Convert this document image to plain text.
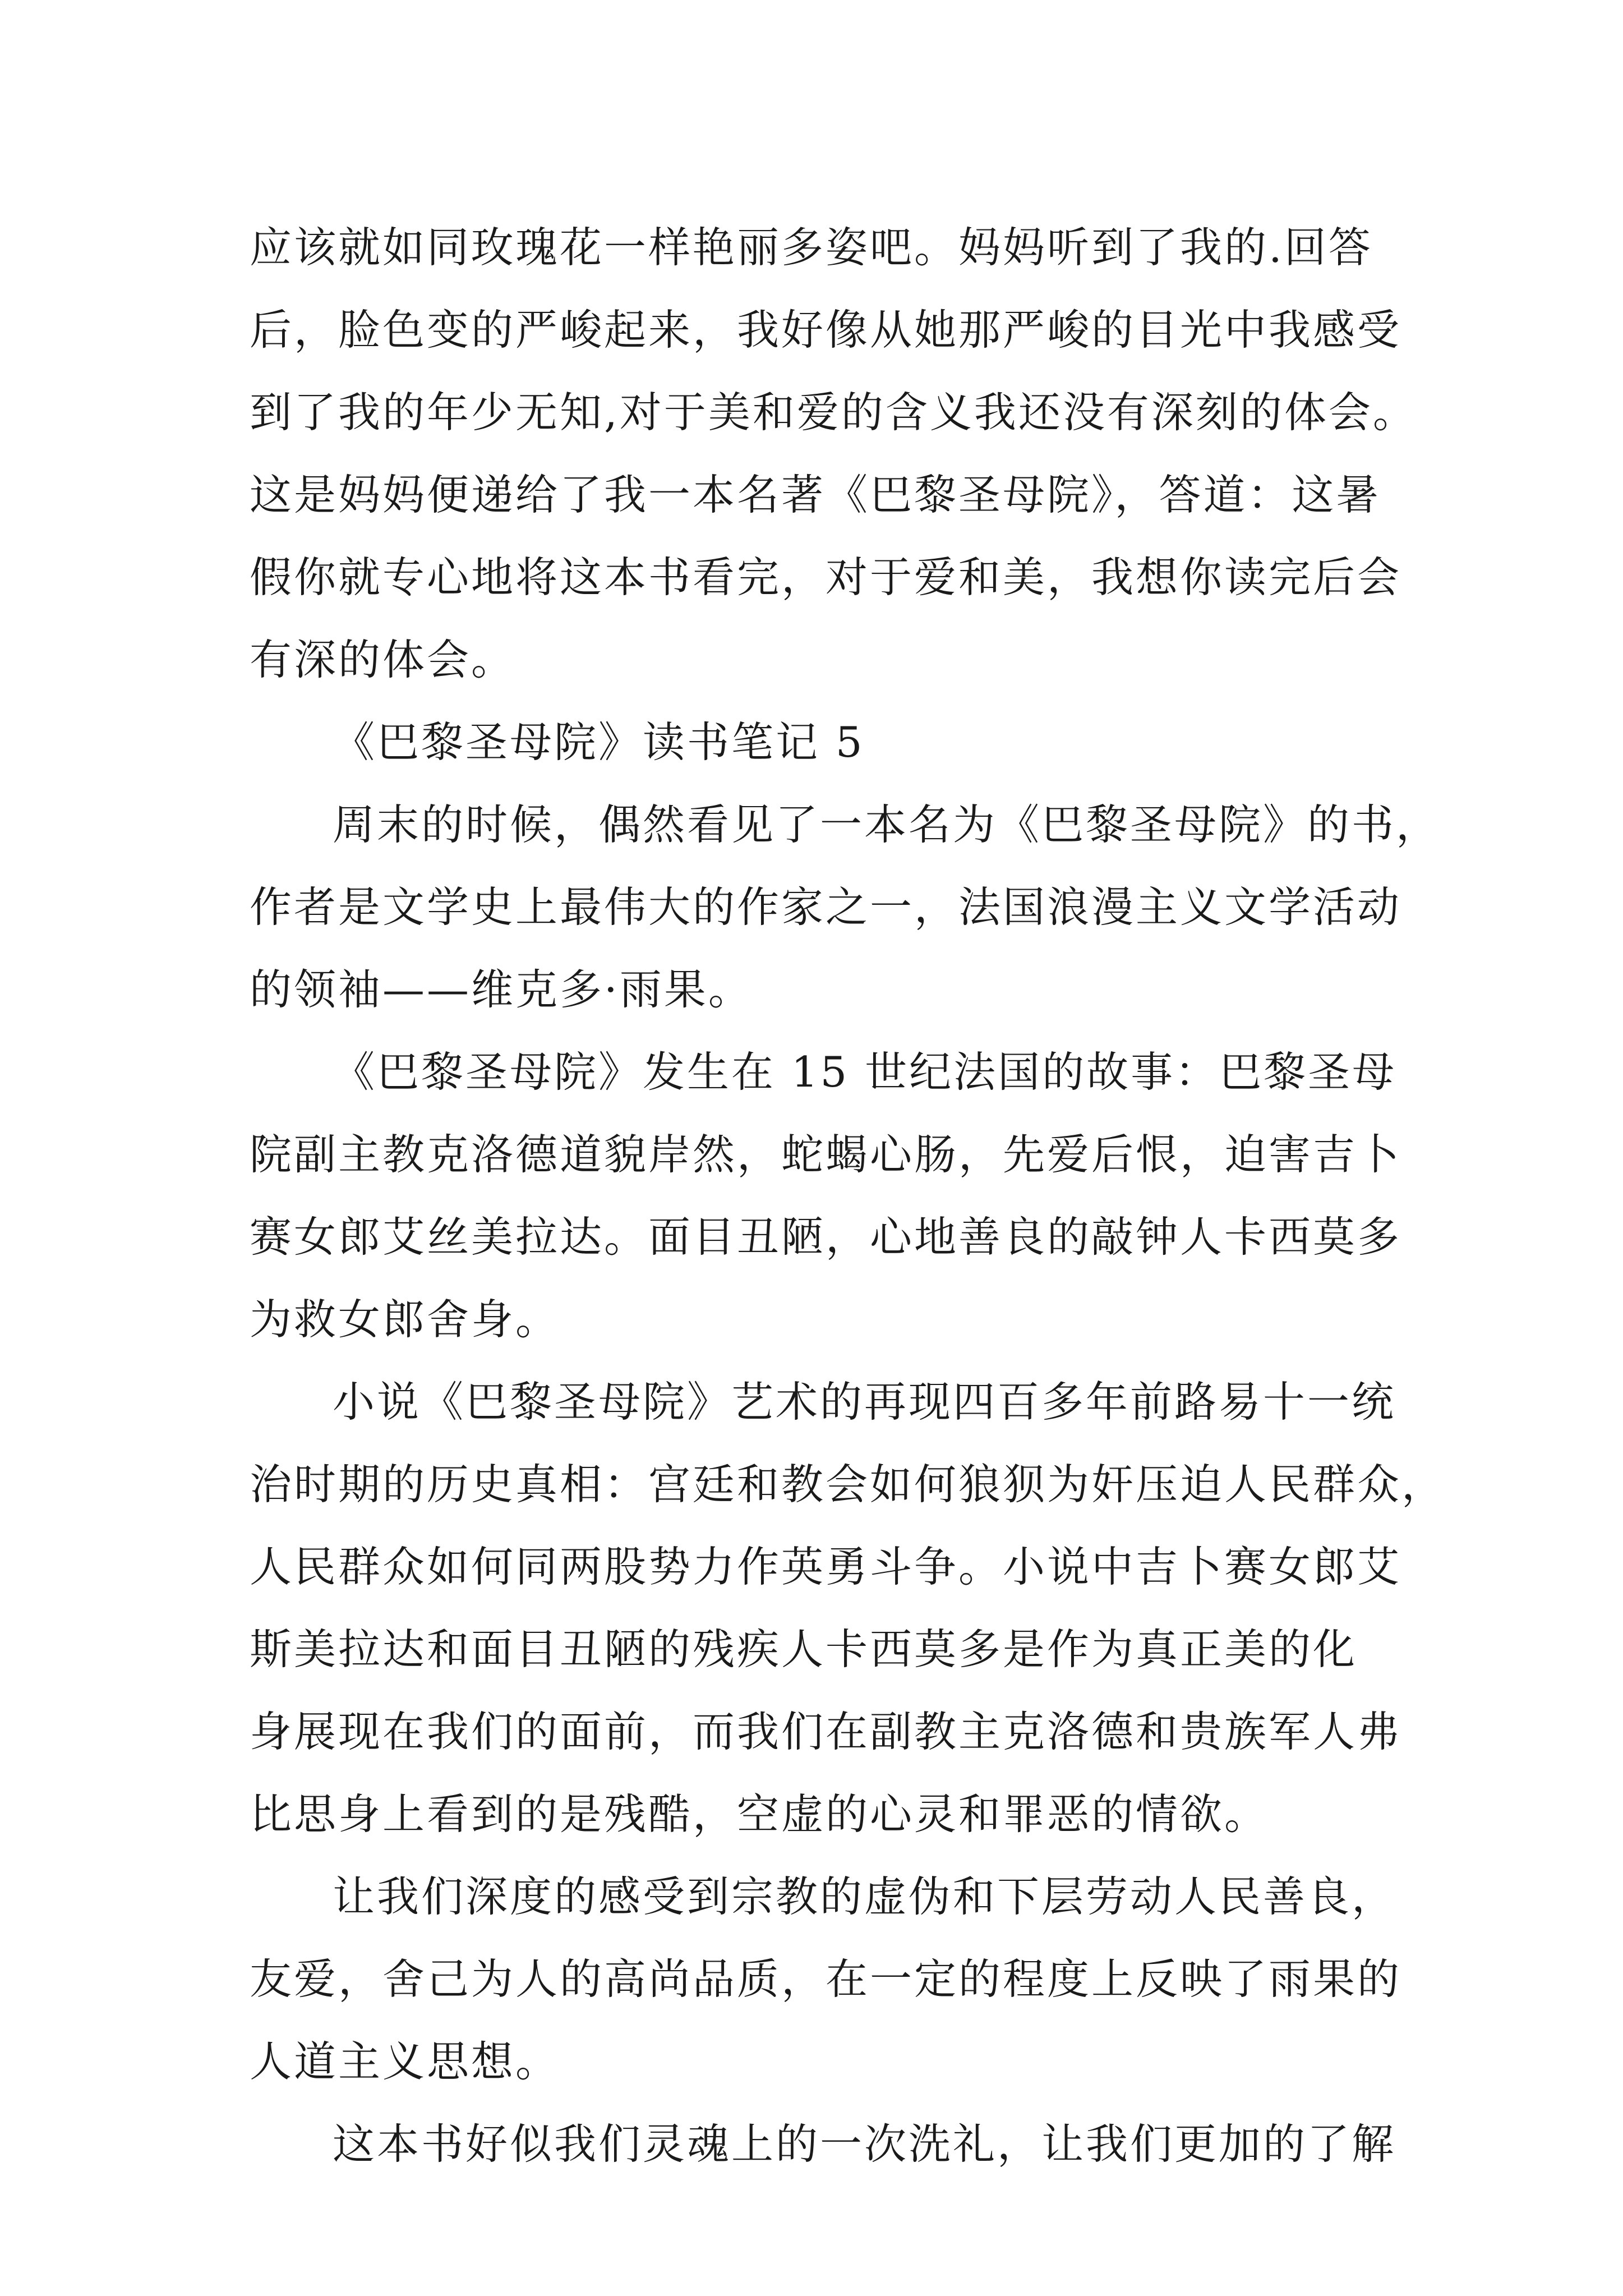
应该就如同玫瑰花一样艳丽多姿吧。妈妈听到了我的.回答
后，脸色变的严峻起来，我好像从她那严峻的目光中我感受
到了我的年少无知,对于美和爱的含义我还没有深刻的体会。
这是妈妈便递给了我一本名著《巴黎圣母院》，答道：这暑
假你就专心地将这本书看完，对于爱和美，我想你读完后会
有深的体会。
《巴黎圣母院》读书笔记 5
周末的时候，偶然看见了一本名为《巴黎圣母院》的书，
作者是文学史上最伟大的作家之一，法国浪漫主义文学活动
的领袖——维克多·雨果。
《巴黎圣母院》发生在 15 世纪法国的故事：巴黎圣母
院副主教克洛德道貌岸然，蛇蝎心肠，先爱后恨，迫害吉卜
赛女郎艾丝美拉达。面目丑陋，心地善良的敲钟人卡西莫多
为救女郎舍身。
小说《巴黎圣母院》艺术的再现四百多年前路易十一统
治时期的历史真相：宫廷和教会如何狼狈为奸压迫人民群众，
人民群众如何同两股势力作英勇斗争。小说中吉卜赛女郎艾
斯美拉达和面目丑陋的残疾人卡西莫多是作为真正美的化
身展现在我们的面前，而我们在副教主克洛德和贵族军人弗
比思身上看到的是残酷，空虚的心灵和罪恶的情欲。
让我们深度的感受到宗教的虚伪和下层劳动人民善良，
友爱，舍己为人的高尚品质，在一定的程度上反映了雨果的
人道主义思想。
这本书好似我们灵魂上的一次洗礼，让我们更加的了解
